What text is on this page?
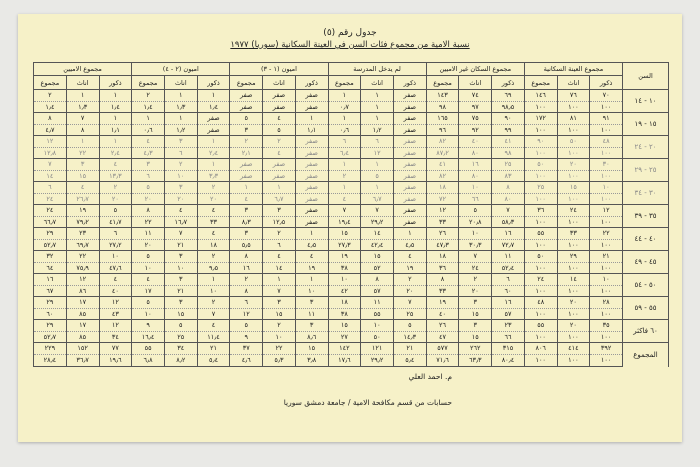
جدول رقم (٥)
نسبة الامية من مجموع فئات السن في العينة السكانية (سوريا) ١٩٧٧
السن	مجموع العينة السكانية			مجموع السكان غير الاميين			لم يدخل المدرسة			اميون (١ - ٣)			اميون (٢ - ٤)			مجموع الاميين		
	ذكور	اناث	مجموع	ذكور	اناث	مجموع	ذكور	اناث	مجموع	ذكور	اناث	مجموع	ذكور	اناث	مجموع	ذكور	اناث	مجموع
١٠ - ١٤	٧٠	٧٦	١٤٦	٦٩	٧٤	١٤٣	صفر	١	١	صفر	صفر	صفر	١	١	٢	١	١	٢
	١٠٠	١٠٠	١٠٠	٩٨٫٥	٩٧	٩٨	صفر	١	٠٫٧	صفر	صفر	صفر	١٫٤	١٫٣	١٫٤	١٫٤	١٫٣	١٫٤
١٥ - ١٩	٩١	٨١	١٧٢	٩٠	٧٥	١٦٥	صفر	١	١	١	٤	٥	صفر	١	١	١	٧	٨
	١٠٠	١٠٠	١٠٠	٩٩	٩٢	٩٦	صفر	١٫٢	٠٫٦	١٫١	٥	٣	صفر	١٫٢	٠٫٦	١٫١	٨	٤٫٧
٢٠ - ٢٤	٤٨	٥٠	٩٠	٤١	٤٠	٨٢	صفر	٦	٦	صفر	٢	٢	١	٣	٤	١	١	١٢
	١٠٠	١٠٠	١٠٠	٩٨	٨٠	٨٧٫٢	صفر	١٢	٦٫٤	صفر	٤	٢٫١	٢٫٤	٦	٤٫٣	٢٫٤	٢٢	١٢٫٨
٢٥ - ٢٩	٣٠	٢٠	٥٠	٢٥	١٦	٤١	صفر	١	١	صفر	صفر	صفر	١	٢	٣	٤	٣	٧
	١٠٠	١٠٠	١٠٠	٨٣	٨٠	٨٢	صفر	٥	٢	صفر	صفر	صفر	٣٫٣	١٠	٦	١٣٫٣	١٥	١٤
٣٠ - ٣٤	١٠	١٥	٢٥	٨	١٠	١٨	صفر	١	١	صفر	١	١	٢	٣	٥	٢	٤	٦
	١٠٠	١٠٠	١٠٠	٨٠	٦٦	٧٢	صفر	٦٫٧	٤	صفر	٦٫٧	٤	٢٠	٢٠	٢٠	٢٠	٢٦٫٧	٢٤
٣٥ - ٣٩	١٢	٢٤	٣٦	٧	٥	١٢	صفر	٧	٧	صفر	٣	٣	٤	٤	٨	٥	١٩	٢٤
	١٠٠	١٠٠	١٠٠	٥٨٫٣	٢٠٫٨	٣٣	صفر	٢٩٫٢	١٩٫٤	صفر	١٢٫٥	٨٫٣	٣٣	١٦٫٧	٢٢	٤١٫٧	٧٩٫٢	٦٦٫٧
٤٠ - ٤٤	٢٢	٣٣	٥٥	١٦	١٠	٢٦	١	١٤	١٥	١	٢	٣	٤	٧	١١	٦	٢٣	٢٩
	١٠٠	١٠٠	١٠٠	٧٢٫٧	٣٠٫٣	٤٧٫٣	٤٫٥	٤٢٫٤	٢٧٫٣	٤٫٥	٦	٥٫٥	١٨	٢١	٢٠	٢٧٫٢	٦٩٫٧	٥٢٫٧
٤٥ - ٤٩	٢١	٢٩	٥٠	١١	٧	١٨	٤	١٥	١٩	٤	٤	٨	٢	٣	٥	١٠	٢٢	٣٢
	١٠٠	١٠٠	١٠٠	٥٢٫٤	٢٤	٣٦	١٩	٥٢	٣٨	١٩	١٤	١٦	٩٫٥	١٠	١٠	٤٧٫٦	٧٥٫٩	٦٤
٥٠ - ٥٤	١٠	١٤	٢٤	٦	٢	٨	٢	٨	١٠	١	١	٢	١	٣	٤	٤	١٢	١٦
	١٠٠	١٠٠	١٠٠	٦٠	٢٠	٣٣	٢٠	٥٧	٤٢	١٠	٧	٨	١٠	٢١	١٧	٤٠	٨٦	٦٧
٥٥ - ٥٩	٢٨	٢٠	٤٨	١٦	٣	١٩	٧	١١	١٨	٣	٣	٦	٢	٣	٥	١٢	١٧	٢٩
	١٠٠	١٠٠	١٠٠	٥٧	١٥	٤٠	٢٥	٥٥	٣٨	١١	١٥	١٢	٧	١٥	١٠	٤٣	٨٥	٦٠
٦٠ فاكثر	٣٥	٢٠	٥٥	٢٣	٣	٢٦	٥	١٠	١٥	٣	٢	٥	٤	٥	٩	١٢	١٧	٢٩
	١٠٠	١٠٠	١٠٠	٦٦	١٥	٤٧	١٤٫٣	٥٠	٢٧	٨٫٦	١٠	٩	١١٫٤	٢٥	١٦٫٤	٣٤	٨٥	٥٢٫٧
المجموع	٣٩٢	٤١٤	٨٠٦	٣١٥	٢٦٢	٥٧٧	٢١	١٢١	١٤٢	١٥	٢٢	٣٧	٢١	٣٤	٥٥	٧٧	١٥٢	٢٢٩
	١٠٠	١٠٠	١٠٠	٨٠٫٤	٦٣٫٣	٧١٫٦	٥٫٤	٢٩٫٢	١٧٫٦	٣٫٨	٥٫٣	٤٫٦	٥٫٤	٨٫٢	٦٫٨	١٩٫٦	٣٦٫٧	٢٨٫٤
م. احمد العلي
حسابات من قسم مكافحة الامية / جامعة دمشق سوريا
